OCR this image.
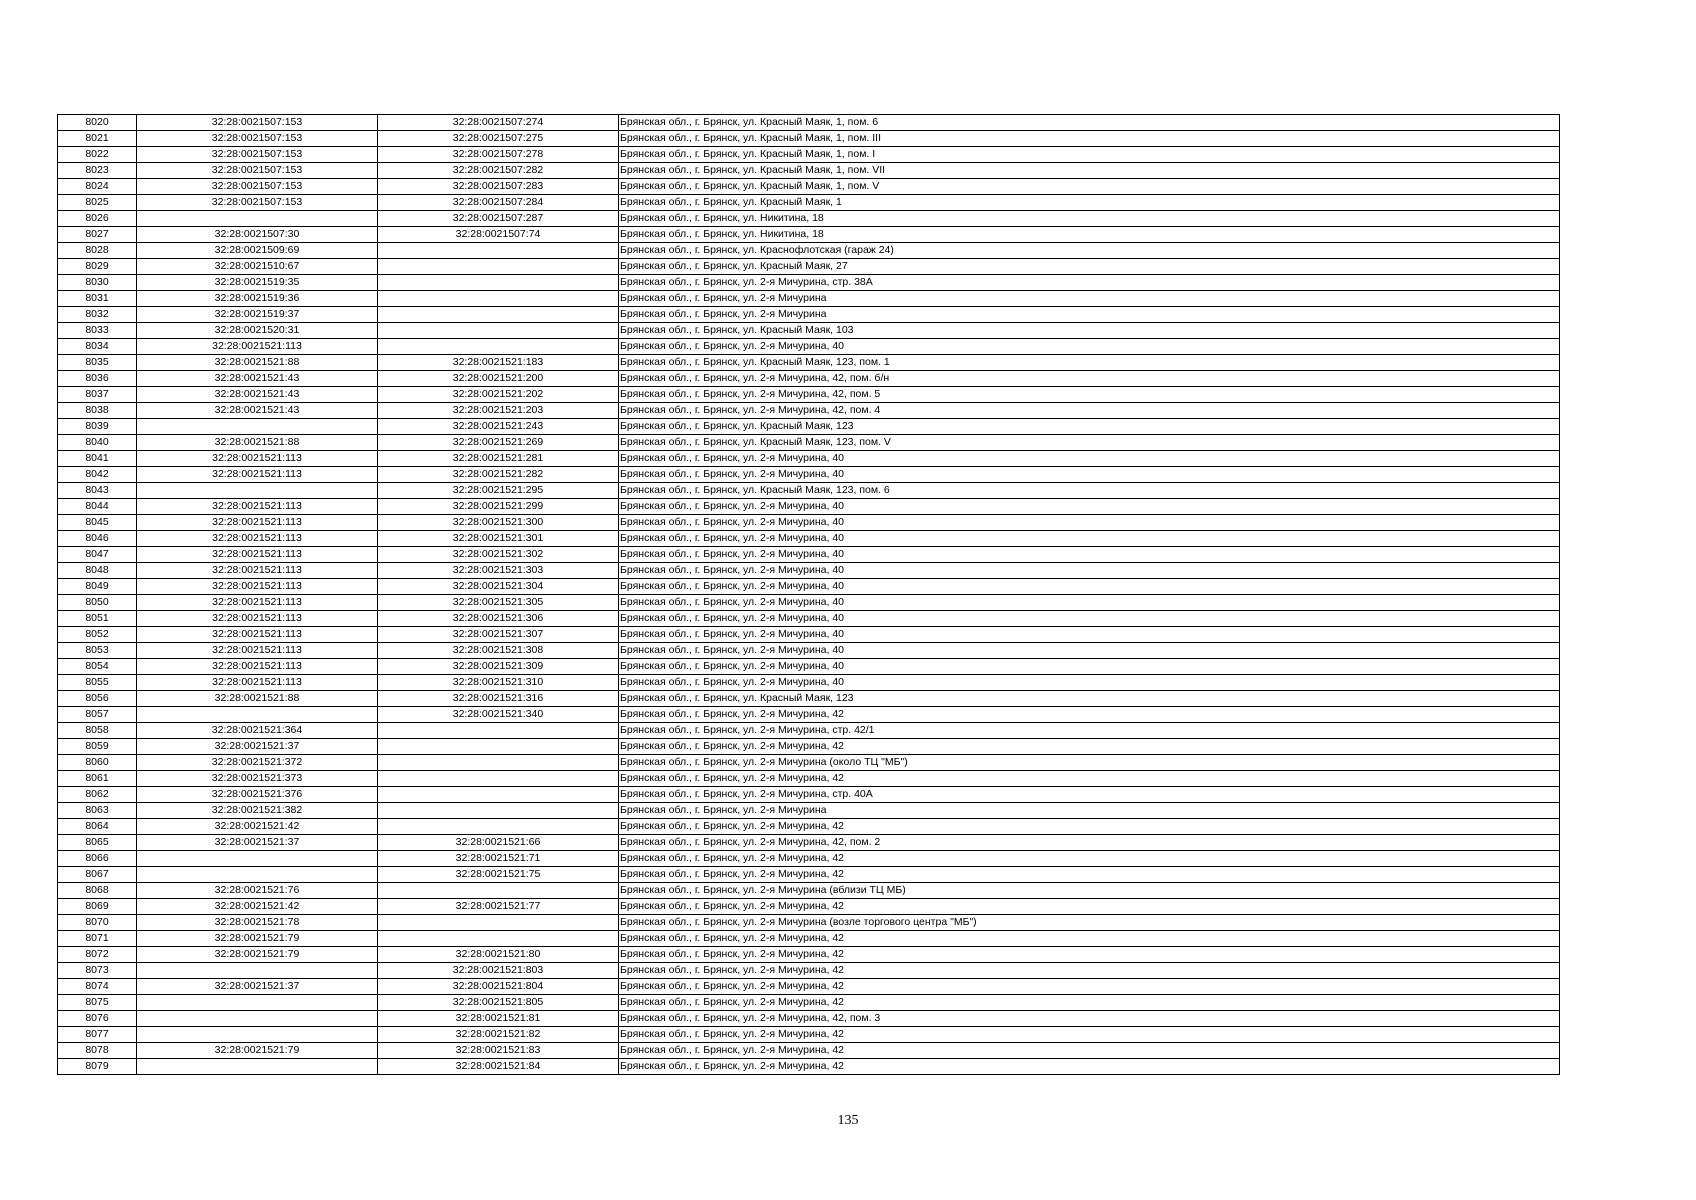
8020	32:28:0021507:153	32:28:0021507:274	Брянская обл., г. Брянск, ул. Красный Маяк, 1, пом. 6
8021	32:28:0021507:153	32:28:0021507:275	Брянская обл., г. Брянск, ул. Красный Маяк, 1, пом. III
8022	32:28:0021507:153	32:28:0021507:278	Брянская обл., г. Брянск, ул. Красный Маяк, 1, пом. I
8023	32:28:0021507:153	32:28:0021507:282	Брянская обл., г. Брянск, ул. Красный Маяк, 1, пом. VII
8024	32:28:0021507:153	32:28:0021507:283	Брянская обл., г. Брянск, ул. Красный Маяк, 1, пом. V
8025	32:28:0021507:153	32:28:0021507:284	Брянская обл., г. Брянск, ул. Красный Маяк, 1
8026		32:28:0021507:287	Брянская обл., г. Брянск, ул. Никитина, 18
8027	32:28:0021507:30	32:28:0021507:74	Брянская обл., г. Брянск, ул. Никитина, 18
8028	32:28:0021509:69		Брянская обл., г. Брянск, ул. Краснофлотская (гараж 24)
8029	32:28:0021510:67		Брянская обл., г. Брянск, ул. Красный Маяк, 27
8030	32:28:0021519:35		Брянская обл., г. Брянск, ул. 2-я Мичурина, стр. 38А
8031	32:28:0021519:36		Брянская обл., г. Брянск, ул. 2-я Мичурина
8032	32:28:0021519:37		Брянская обл., г. Брянск, ул. 2-я Мичурина
8033	32:28:0021520:31		Брянская обл., г. Брянск, ул. Красный Маяк, 103
8034	32:28:0021521:113		Брянская обл., г. Брянск, ул. 2-я Мичурина, 40
8035	32:28:0021521:88	32:28:0021521:183	Брянская обл., г. Брянск, ул. Красный Маяк, 123, пом. 1
8036	32:28:0021521:43	32:28:0021521:200	Брянская обл., г. Брянск, ул. 2-я Мичурина, 42, пом. б/н
8037	32:28:0021521:43	32:28:0021521:202	Брянская обл., г. Брянск, ул. 2-я Мичурина, 42, пом. 5
8038	32:28:0021521:43	32:28:0021521:203	Брянская обл., г. Брянск, ул. 2-я Мичурина, 42, пом. 4
8039		32:28:0021521:243	Брянская обл., г. Брянск, ул. Красный Маяк, 123
8040	32:28:0021521:88	32:28:0021521:269	Брянская обл., г. Брянск, ул. Красный Маяк, 123, пом. V
8041	32:28:0021521:113	32:28:0021521:281	Брянская обл., г. Брянск, ул. 2-я Мичурина, 40
8042	32:28:0021521:113	32:28:0021521:282	Брянская обл., г. Брянск, ул. 2-я Мичурина, 40
8043		32:28:0021521:295	Брянская обл., г. Брянск, ул. Красный Маяк, 123, пом. 6
8044	32:28:0021521:113	32:28:0021521:299	Брянская обл., г. Брянск, ул. 2-я Мичурина, 40
8045	32:28:0021521:113	32:28:0021521:300	Брянская обл., г. Брянск, ул. 2-я Мичурина, 40
8046	32:28:0021521:113	32:28:0021521:301	Брянская обл., г. Брянск, ул. 2-я Мичурина, 40
8047	32:28:0021521:113	32:28:0021521:302	Брянская обл., г. Брянск, ул. 2-я Мичурина, 40
8048	32:28:0021521:113	32:28:0021521:303	Брянская обл., г. Брянск, ул. 2-я Мичурина, 40
8049	32:28:0021521:113	32:28:0021521:304	Брянская обл., г. Брянск, ул. 2-я Мичурина, 40
8050	32:28:0021521:113	32:28:0021521:305	Брянская обл., г. Брянск, ул. 2-я Мичурина, 40
8051	32:28:0021521:113	32:28:0021521:306	Брянская обл., г. Брянск, ул. 2-я Мичурина, 40
8052	32:28:0021521:113	32:28:0021521:307	Брянская обл., г. Брянск, ул. 2-я Мичурина, 40
8053	32:28:0021521:113	32:28:0021521:308	Брянская обл., г. Брянск, ул. 2-я Мичурина, 40
8054	32:28:0021521:113	32:28:0021521:309	Брянская обл., г. Брянск, ул. 2-я Мичурина, 40
8055	32:28:0021521:113	32:28:0021521:310	Брянская обл., г. Брянск, ул. 2-я Мичурина, 40
8056	32:28:0021521:88	32:28:0021521:316	Брянская обл., г. Брянск, ул. Красный Маяк, 123
8057		32:28:0021521:340	Брянская обл., г. Брянск, ул. 2-я Мичурина, 42
8058	32:28:0021521:364		Брянская обл., г. Брянск, ул. 2-я Мичурина, стр. 42/1
8059	32:28:0021521:37		Брянская обл., г. Брянск, ул. 2-я Мичурина, 42
8060	32:28:0021521:372		Брянская обл., г. Брянск, ул. 2-я Мичурина (около ТЦ "МБ")
8061	32:28:0021521:373		Брянская обл., г. Брянск, ул. 2-я Мичурина, 42
8062	32:28:0021521:376		Брянская обл., г. Брянск, ул. 2-я Мичурина, стр. 40А
8063	32:28:0021521:382		Брянская обл., г. Брянск, ул. 2-я Мичурина
8064	32:28:0021521:42		Брянская обл., г. Брянск, ул. 2-я Мичурина, 42
8065	32:28:0021521:37	32:28:0021521:66	Брянская обл., г. Брянск, ул. 2-я Мичурина, 42, пом. 2
8066		32:28:0021521:71	Брянская обл., г. Брянск, ул. 2-я Мичурина, 42
8067		32:28:0021521:75	Брянская обл., г. Брянск, ул. 2-я Мичурина, 42
8068	32:28:0021521:76		Брянская обл., г. Брянск, ул. 2-я Мичурина (вблизи ТЦ МБ)
8069	32:28:0021521:42	32:28:0021521:77	Брянская обл., г. Брянск, ул. 2-я Мичурина, 42
8070	32:28:0021521:78		Брянская обл., г. Брянск, ул. 2-я Мичурина (возле торгового центра "МБ")
8071	32:28:0021521:79		Брянская обл., г. Брянск, ул. 2-я Мичурина, 42
8072	32:28:0021521:79	32:28:0021521:80	Брянская обл., г. Брянск, ул. 2-я Мичурина, 42
8073		32:28:0021521:803	Брянская обл., г. Брянск, ул. 2-я Мичурина, 42
8074	32:28:0021521:37	32:28:0021521:804	Брянская обл., г. Брянск, ул. 2-я Мичурина, 42
8075		32:28:0021521:805	Брянская обл., г. Брянск, ул. 2-я Мичурина, 42
8076		32:28:0021521:81	Брянская обл., г. Брянск, ул. 2-я Мичурина, 42, пом. 3
8077		32:28:0021521:82	Брянская обл., г. Брянск, ул. 2-я Мичурина, 42
8078	32:28:0021521:79	32:28:0021521:83	Брянская обл., г. Брянск, ул. 2-я Мичурина, 42
8079		32:28:0021521:84	Брянская обл., г. Брянск, ул. 2-я Мичурина, 42
135
